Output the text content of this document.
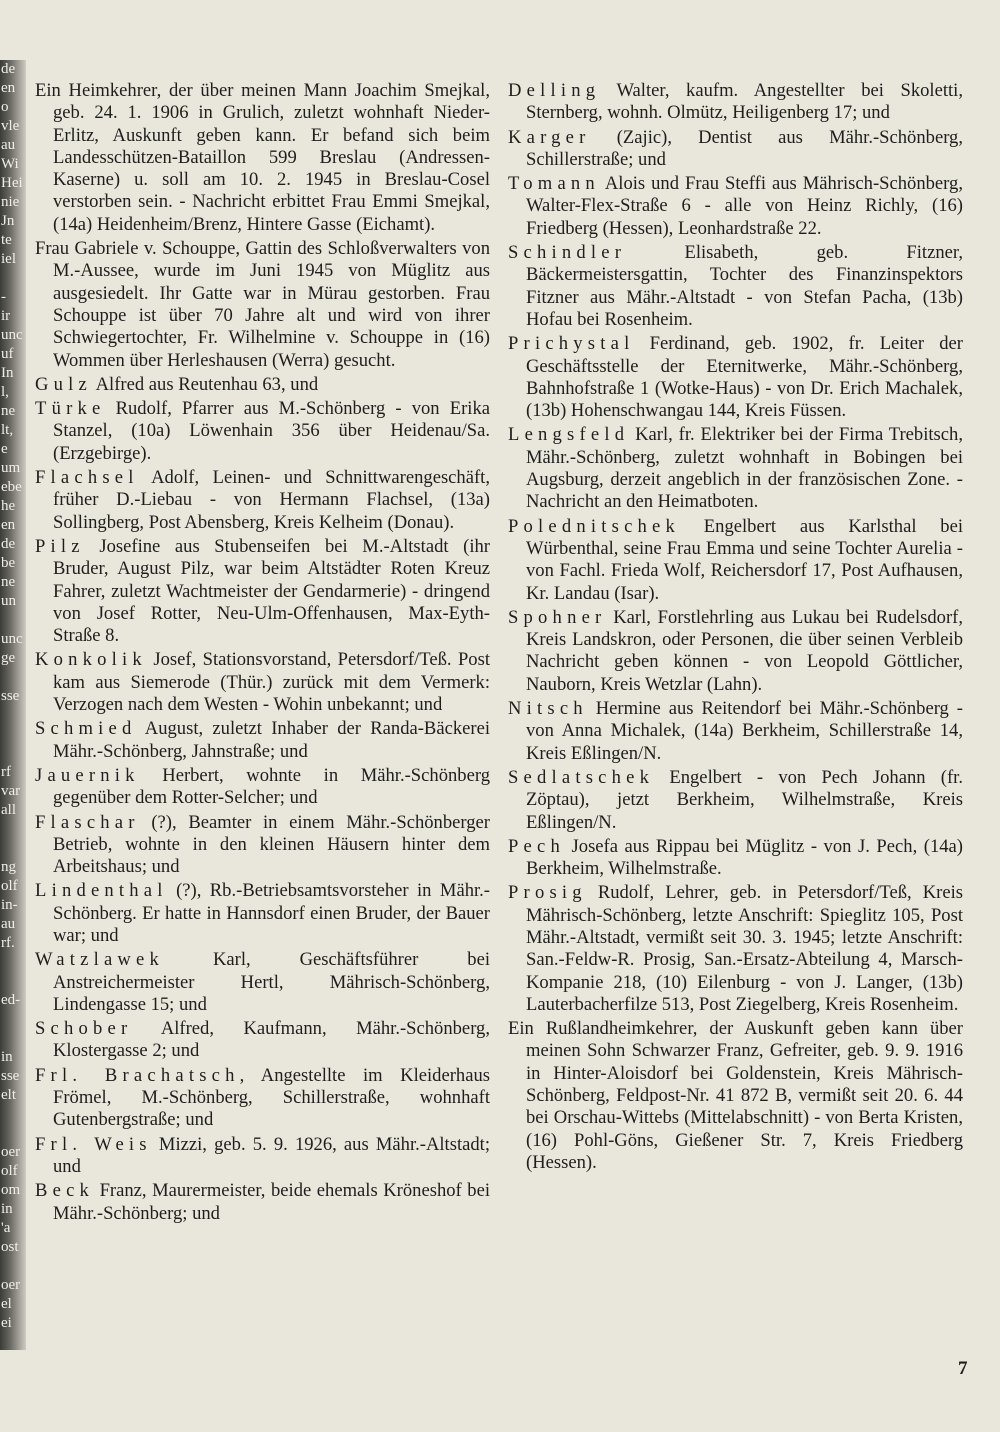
de
en
o
vle
au
Wi
Hei
nie
Jn
te
iel

-
ir
unc
uf
In
l,
ne
lt,
e
um
ebe
he
en
de
be
ne
un

unc
ge

sse

rf
var
all

ng
olf
in-
au
rf.

ed-

in
sse
elt

oer
olf
om
in
'a
ost

oer
el
ei

Ein Heimkehrer, der über meinen Mann Joachim Smejkal, geb. 24. 1. 1906 in Grulich, zuletzt wohnhaft Nieder-Erlitz, Auskunft geben kann. Er befand sich beim Landesschützen-Bataillon 599 Breslau (Andressen-Kaserne) u. soll am 10. 2. 1945 in Breslau-Cosel verstorben sein. - Nachricht erbittet Frau Emmi Smejkal, (14a) Heidenheim/Brenz, Hintere Gasse (Eichamt).

Frau Gabriele v. Schouppe, Gattin des Schloßverwalters von M.-Aussee, wurde im Juni 1945 von Müglitz aus ausgesiedelt. Ihr Gatte war in Mürau gestorben. Frau Schouppe ist über 70 Jahre alt und wird von ihrer Schwiegertochter, Fr. Wilhelmine v. Schouppe in (16) Wommen über Herleshausen (Werra) gesucht.

Gulz Alfred aus Reutenhau 63, und

Türke Rudolf, Pfarrer aus M.-Schönberg - von Erika Stanzel, (10a) Löwenhain 356 über Heidenau/Sa. (Erzgebirge).

Flachsel Adolf, Leinen- und Schnittwarengeschäft, früher D.-Liebau - von Hermann Flachsel, (13a) Sollingberg, Post Abensberg, Kreis Kelheim (Donau).

Pilz Josefine aus Stubenseifen bei M.-Altstadt (ihr Bruder, August Pilz, war beim Altstädter Roten Kreuz Fahrer, zuletzt Wachtmeister der Gendarmerie) - dringend von Josef Rotter, Neu-Ulm-Offenhausen, Max-Eyth-Straße 8.

Konkolik Josef, Stationsvorstand, Petersdorf/Teß. Post kam aus Siemerode (Thür.) zurück mit dem Vermerk: Verzogen nach dem Westen - Wohin unbekannt; und

Schmied August, zuletzt Inhaber der Randa-Bäckerei Mähr.-Schönberg, Jahnstraße; und

Jauernik Herbert, wohnte in Mähr.-Schönberg gegenüber dem Rotter-Selcher; und

Flaschar (?), Beamter in einem Mähr.-Schönberger Betrieb, wohnte in den kleinen Häusern hinter dem Arbeitshaus; und

Lindenthal (?), Rb.-Betriebsamtsvorsteher in Mähr.-Schönberg. Er hatte in Hannsdorf einen Bruder, der Bauer war; und

Watzlawek Karl, Geschäftsführer bei Anstreichermeister Hertl, Mährisch-Schönberg, Lindengasse 15; und

Schober Alfred, Kaufmann, Mähr.-Schönberg, Klostergasse 2; und

Frl. Brachatsch, Angestellte im Kleiderhaus Frömel, M.-Schönberg, Schillerstraße, wohnhaft Gutenbergstraße; und

Frl. Weis Mizzi, geb. 5. 9. 1926, aus Mähr.-Altstadt; und

Beck Franz, Maurermeister, beide ehemals Kröneshof bei Mähr.-Schönberg; und

Delling Walter, kaufm. Angestellter bei Skoletti, Sternberg, wohnh. Olmütz, Heiligenberg 17; und

Karger (Zajic), Dentist aus Mähr.-Schönberg, Schillerstraße; und

Tomann Alois und Frau Steffi aus Mährisch-Schönberg, Walter-Flex-Straße 6 - alle von Heinz Richly, (16) Friedberg (Hessen), Leonhardstraße 22.

Schindler Elisabeth, geb. Fitzner, Bäckermeistersgattin, Tochter des Finanzinspektors Fitzner aus Mähr.-Altstadt - von Stefan Pacha, (13b) Hofau bei Rosenheim.

Prichystal Ferdinand, geb. 1902, fr. Leiter der Geschäftsstelle der Eternitwerke, Mähr.-Schönberg, Bahnhofstraße 1 (Wotke-Haus) - von Dr. Erich Machalek, (13b) Hohenschwangau 144, Kreis Füssen.

Lengsfeld Karl, fr. Elektriker bei der Firma Trebitsch, Mähr.-Schönberg, zuletzt wohnhaft in Bobingen bei Augsburg, derzeit angeblich in der französischen Zone. - Nachricht an den Heimatboten.

Polednitschek Engelbert aus Karlsthal bei Würbenthal, seine Frau Emma und seine Tochter Aurelia - von Fachl. Frieda Wolf, Reichersdorf 17, Post Aufhausen, Kr. Landau (Isar).

Spohner Karl, Forstlehrling aus Lukau bei Rudelsdorf, Kreis Landskron, oder Personen, die über seinen Verbleib Nachricht geben können - von Leopold Göttlicher, Nauborn, Kreis Wetzlar (Lahn).

Nitsch Hermine aus Reitendorf bei Mähr.-Schönberg - von Anna Michalek, (14a) Berkheim, Schillerstraße 14, Kreis Eßlingen/N.

Sedlatschek Engelbert - von Pech Johann (fr. Zöptau), jetzt Berkheim, Wilhelmstraße, Kreis Eßlingen/N.

Pech Josefa aus Rippau bei Müglitz - von J. Pech, (14a) Berkheim, Wilhelmstraße.

Prosig Rudolf, Lehrer, geb. in Petersdorf/Teß, Kreis Mährisch-Schönberg, letzte Anschrift: Spieglitz 105, Post Mähr.-Altstadt, vermißt seit 30. 3. 1945; letzte Anschrift: San.-Feldw-R. Prosig, San.-Ersatz-Abteilung 4, Marsch-Kompanie 218, (10) Eilenburg - von J. Langer, (13b) Lauterbacherfilze 513, Post Ziegelberg, Kreis Rosenheim.

Ein Rußlandheimkehrer, der Auskunft geben kann über meinen Sohn Schwarzer Franz, Gefreiter, geb. 9. 9. 1916 in Hinter-Aloisdorf bei Goldenstein, Kreis Mährisch-Schönberg, Feldpost-Nr. 41 872 B, vermißt seit 20. 6. 44 bei Orschau-Wittebs (Mittelabschnitt) - von Berta Kristen, (16) Pohl-Göns, Gießener Str. 7, Kreis Friedberg (Hessen).

7
